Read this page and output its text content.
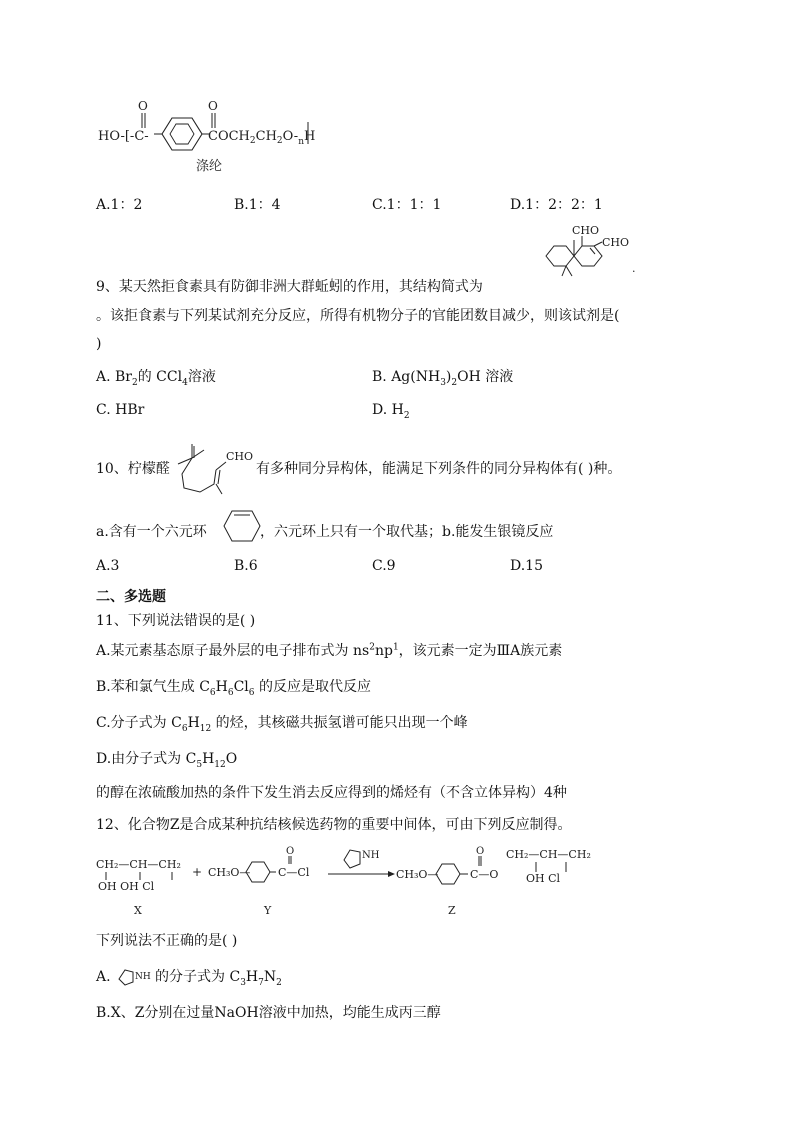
HO-[-C-
O	O
$COCH_2CH_2O-_nH$
涤纶
A.1：2	B.1：4	C.1：1：1	D.1：2：2：1
9、某天然拒食素具有防御非洲大群蚯蚓的作用，其结构简式为
CHO
CHO
.
。该拒食素与下列某试剂充分反应，所得有机物分子的官能团数目减少，则该试剂是(
)
A. $Br_2$的 CCl$_4$溶液	B. $Ag(NH_3)_2OH$ 溶液
C. HBr	D. $H_2$
10、柠檬醛
CHO
有多种同分异构体，能满足下列条件的同分异构体有( )种。
a.含有一个六元环	，六元环上只有一个取代基；b.能发生银镜反应
A.3	B.6	C.9	D.15
二、多选题
11、下列说法错误的是( )
A.某元素基态原子最外层的电子排布式为 $ns^2np^1$，该元素一定为ⅢA族元素
B.苯和氯气生成 $C_6H_6Cl_6$ 的反应是取代反应
C.分子式为 $C_6H_{12}$ 的烃，其核磁共振氢谱可能只出现一个峰
D.由分子式为 $C_5H_{12}O$
的醇在浓硫酸加热的条件下发生消去反应得到的烯烃有（不含立体异构）4种
12、化合物Z是合成某种抗结核候选药物的重要中间体，可由下列反应制得。
CH₂—CH—CH₂
OH OH Cl
X
+ CH₃O—
O
C—Cl
Y
NH
CH₃O—
O
C—O
CH₂—CH—CH₂
OH Cl
Z
下列说法不正确的是( )
A.	NH 的分子式为 $C_3H_7N_2$
B.X、Z分别在过量NaOH溶液中加热，均能生成丙三醇
